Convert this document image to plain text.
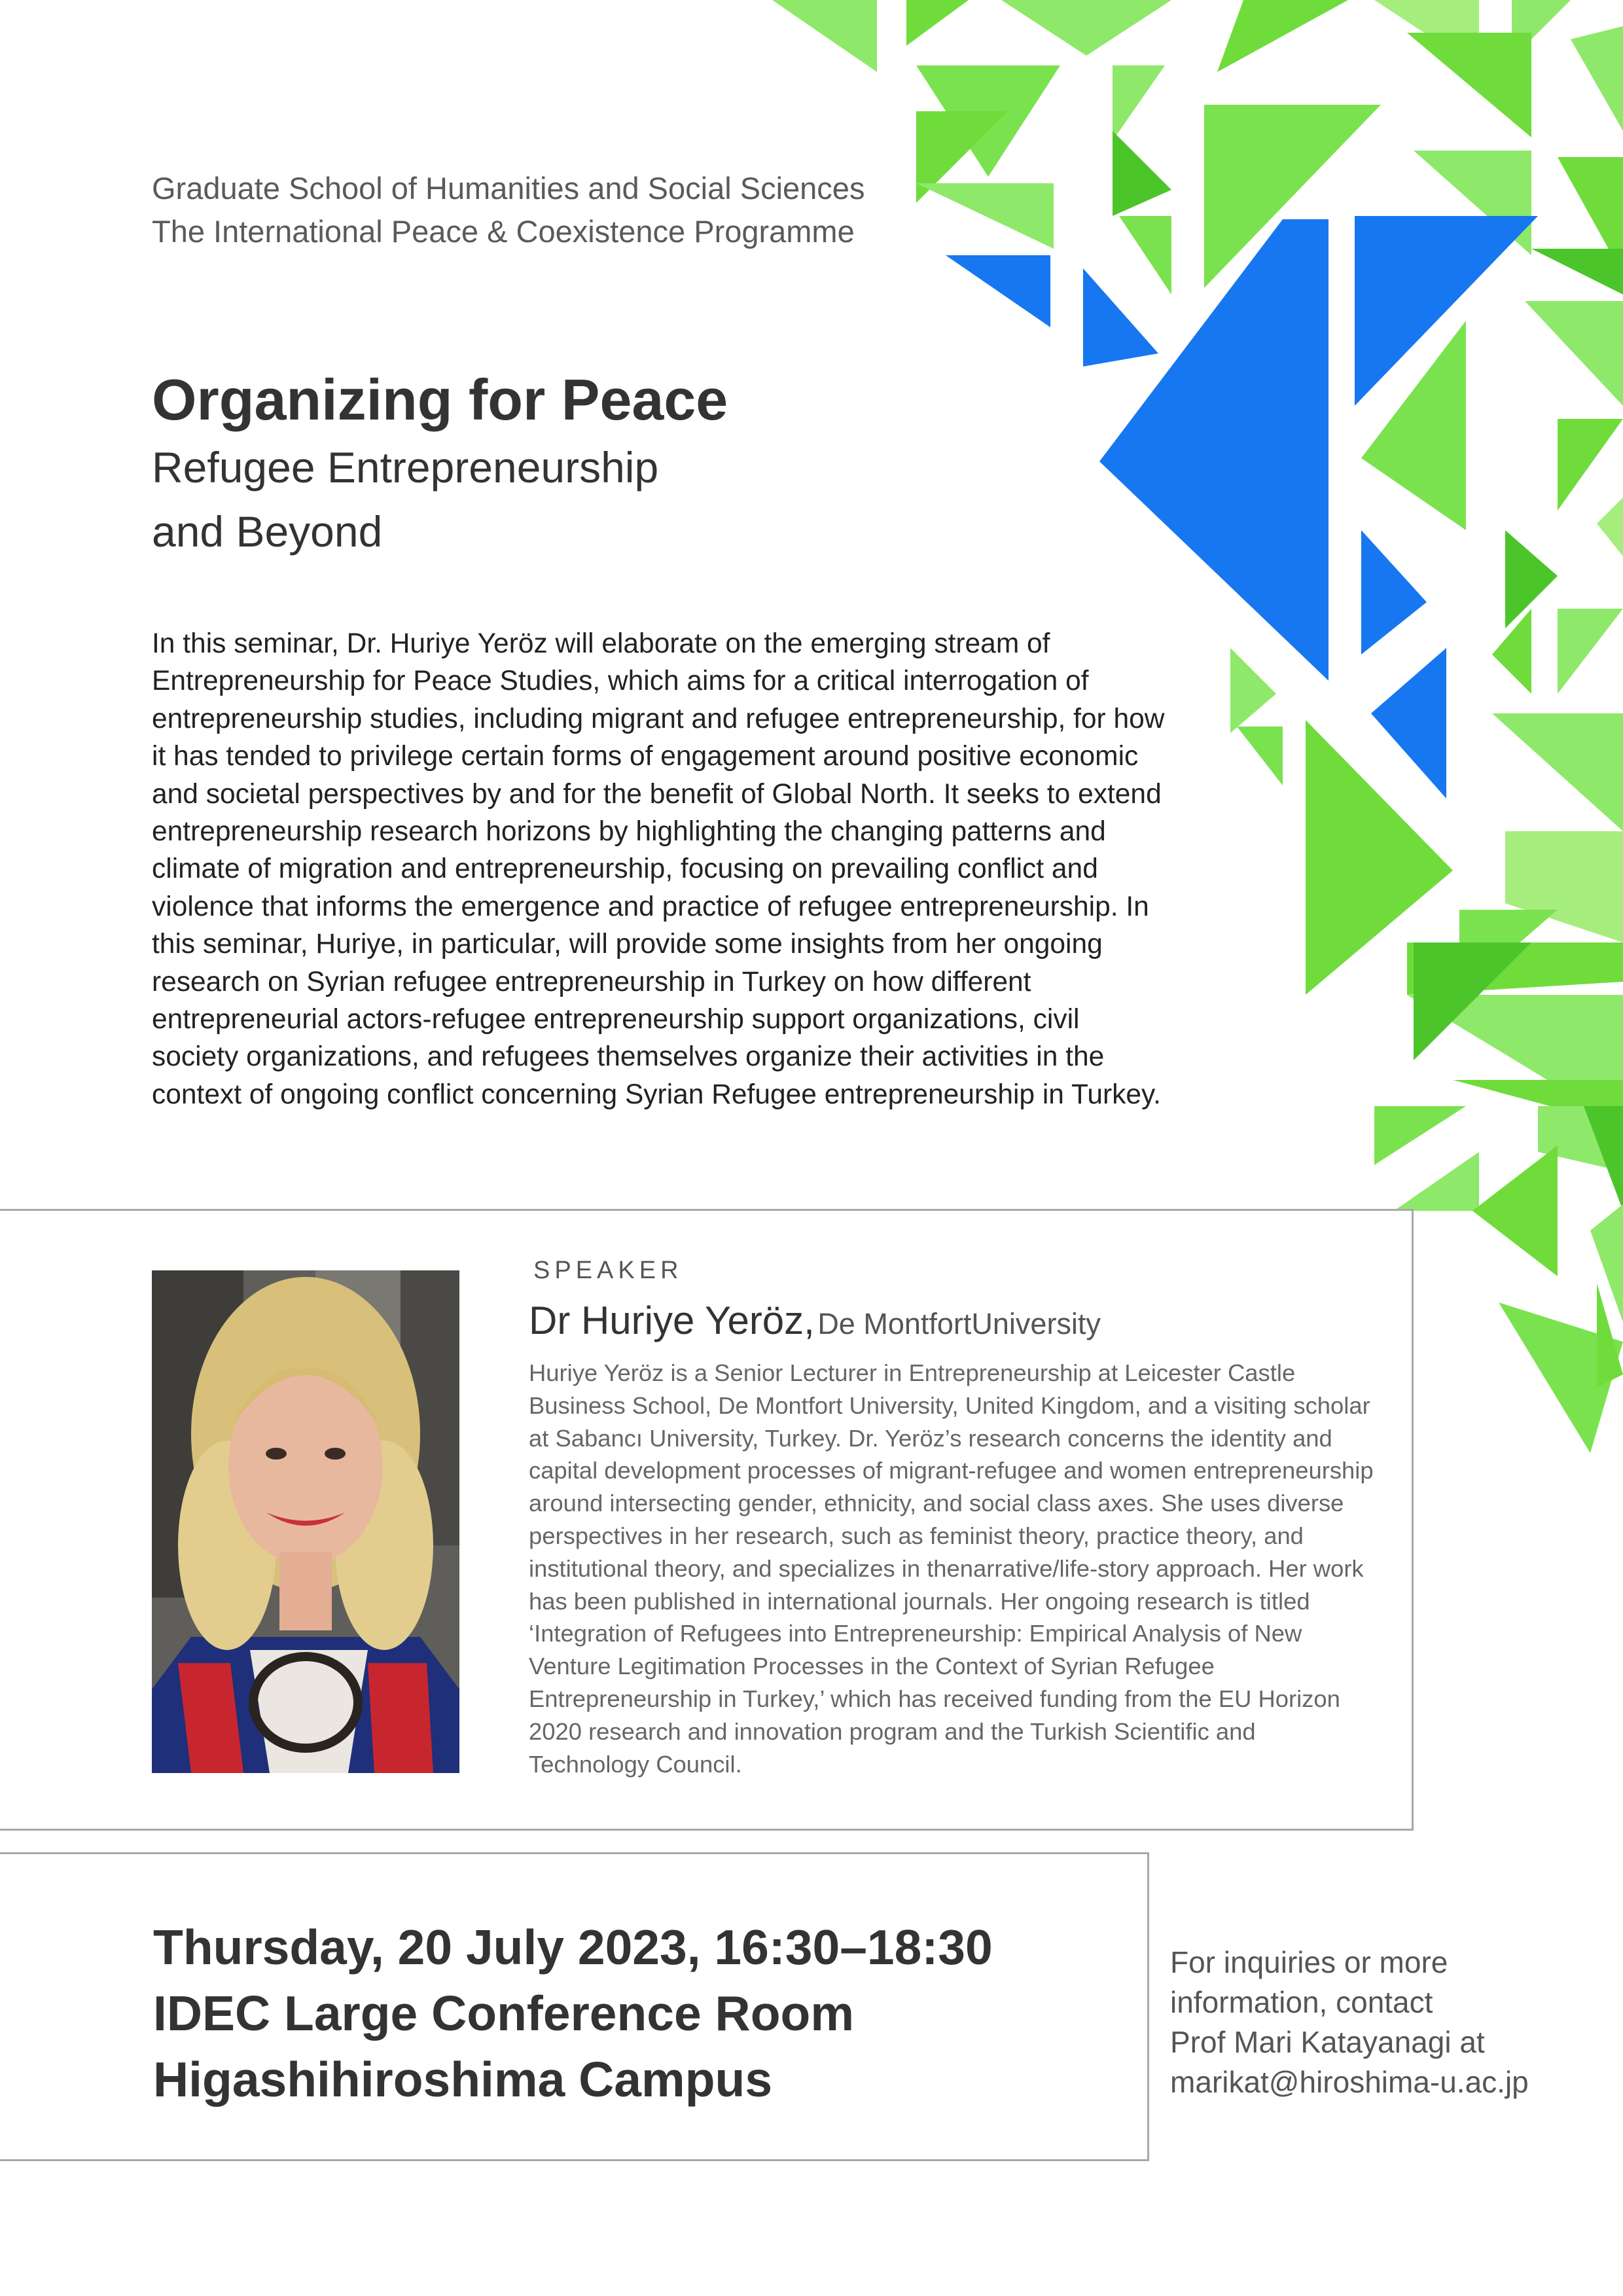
Graduate School of Humanities and Social Sciences
The International Peace & Coexistence Programme
Organizing for Peace
Refugee Entrepreneurship and Beyond
In this seminar, Dr. Huriye Yeröz will elaborate on the emerging stream of Entrepreneurship for Peace Studies, which aims for a critical interrogation of entrepreneurship studies, including migrant and refugee entrepreneurship, for how it has tended to privilege certain forms of engagement around positive economic and societal perspectives by and for the benefit of Global North. It seeks to extend entrepreneurship research horizons by highlighting the changing patterns and climate of migration and entrepreneurship, focusing on prevailing conflict and violence that informs the emergence and practice of refugee entrepreneurship. In this seminar, Huriye, in particular, will provide some insights from her ongoing research on Syrian refugee entrepreneurship in Turkey on how different entrepreneurial actors-refugee entrepreneurship support organizations, civil society organizations, and refugees themselves organize their activities in the context of ongoing conflict concerning Syrian Refugee entrepreneurship in Turkey.
SPEAKER
Dr Huriye Yeröz, De MontfortUniversity
Huriye Yeröz is a Senior Lecturer in Entrepreneurship at Leicester Castle Business School, De Montfort University, United Kingdom, and a visiting scholar at Sabancı University, Turkey. Dr. Yeröz’s research concerns the identity and capital development processes of migrant-refugee and women entrepreneurship around intersecting gender, ethnicity, and social class axes. She uses diverse perspectives in her research, such as feminist theory, practice theory, and institutional theory, and specializes in thenarrative/life-story approach. Her work has been published in international journals. Her ongoing research is titled ‘Integration of Refugees into Entrepreneurship: Empirical Analysis of New Venture Legitimation Processes in the Context of Syrian Refugee Entrepreneurship in Turkey,’ which has received funding from the EU Horizon 2020 research and innovation program and the Turkish Scientific and Technology Council.
Thursday, 20 July 2023, 16:30–18:30
IDEC Large Conference Room
Higashihiroshima Campus
For inquiries or more
information, contact
Prof Mari Katayanagi at
marikat@hiroshima-u.ac.jp
